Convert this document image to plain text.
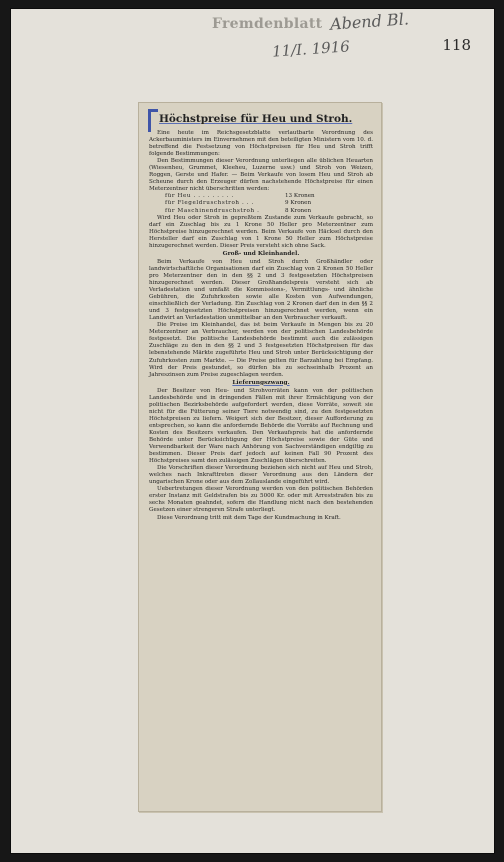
Fremdenblatt Abend Bl.
11/I. 1916	118
Höchstpreise für Heu und Stroh.

Eine heute im Reichsgesetzblatte verlautbarte Verordnung des Ackerbauministers im Einvernehmen mit den beteiligten Ministern vom 10. d. betreffend die Festsetzung von Höchstpreisen für Heu und Stroh trifft folgende Bestimmungen:

Den Bestimmungen dieser Verordnung unterliegen alle üblichen Heuarten (Wiesenheu, Grummet, Kleeheu, Luzerne usw.) und Stroh von Weizen, Roggen, Gerste und Hafer. — Beim Verkaufe von losem Heu und Stroh ab Scheune durch den Erzeuger dürfen nachstehende Höchstpreise für einen Meterzentner nicht überschritten werden:

für Heu . . . . . . . . .	13 Kronen
für Flegeldruschstroh . . .	9 Kronen
für Maschinendruschstroh .	8 Kronen

Wird Heu oder Stroh in gepreßtem Zustande zum Verkaufe gebracht, so darf ein Zuschlag bis zu 1 Krone 50 Heller pro Meterzentner zum Höchstpreise hinzugerechnet werden. Beim Verkaufe von Häcksel durch den Hersteller darf ein Zuschlag von 1 Krone 50 Heller zum Höchstpreise hinzugerechnet werden. Dieser Preis versteht sich ohne Sack.

Groß- und Kleinhandel.

Beim Verkaufe von Heu und Stroh durch Großhändler oder landwirtschaftliche Organisationen darf ein Zuschlag von 2 Kronen 50 Heller pro Meterzentner den in den §§ 2 und 3 festgesetzten Höchstpreisen hinzugerechnet werden. Dieser Großhandelspreis versteht sich ab Verladestation und umfaßt die Kommissions-, Vermittlungs- und ähnliche Gebühren, die Zufuhrkosten sowie alle Kosten von Aufwendungen, einschließlich der Verladung. Ein Zuschlag von 2 Kronen darf den in den §§ 2 und 3 festgesetzten Höchstpreisen hinzugerechnet werden, wenn ein Landwirt an Verladestation unmittelbar an den Verbraucher verkauft.

Die Preise im Kleinhandel, das ist beim Verkaufe in Mengen bis zu 20 Meterzentner an Verbraucher, werden von der politischen Landesbehörde festgesetzt. Die politische Landesbehörde bestimmt auch die zulässigen Zuschläge zu den in den §§ 2 und 3 festgesetzten Höchstpreisen für das lebenstehende Märkte zugeführte Heu und Stroh unter Berücksichtigung der Zufuhrkosten zum Markte. — Die Preise gelten für Barzahlung bei Empfang. Wird der Preis gestundet, so dürfen bis zu sechseinhalb Prozent an Jahreszinsen zum Preise zugeschlagen werden.

Lieferungszwang.

Der Besitzer von Heu- und Strohvorräten kann von der politischen Landesbehörde und in dringenden Fällen mit ihrer Ermächtigung von der politischen Bezirksbehörde aufgefordert werden, diese Vorräte, soweit sie nicht für die Fütterung seiner Tiere notwendig sind, zu den festgesetzten Höchstpreisen zu liefern. Weigert sich der Besitzer, dieser Aufforderung zu entsprechen, so kann die anfordernde Behörde die Vorräte auf Rechnung und Kosten des Besitzers verkaufen. Den Verkaufspreis hat die anfordernde Behörde unter Berücksichtigung der Höchstpreise sowie der Güte und Verwendbarkeit der Ware nach Anhörung von Sachverständigen endgiltig zu bestimmen. Dieser Preis darf jedoch auf keinen Fall 90 Prozent des Höchstpreises samt den zulässigen Zuschlägen überschreiten.

Die Vorschriften dieser Verordnung beziehen sich nicht auf Heu und Stroh, welches nach Inkrafttreten dieser Verordnung aus den Ländern der ungarischen Krone oder aus dem Zollauslande eingeführt wird.

Uebertretungen dieser Verordnung werden von den politischen Behörden erster Instanz mit Geldstrafen bis zu 5000 Kr. oder mit Arreststrafen bis zu sechs Monaten geahndet, sofern die Handlung nicht nach den bestehenden Gesetzen einer strengeren Strafe unterliegt.

Diese Verordnung tritt mit dem Tage der Kundmachung in Kraft.
